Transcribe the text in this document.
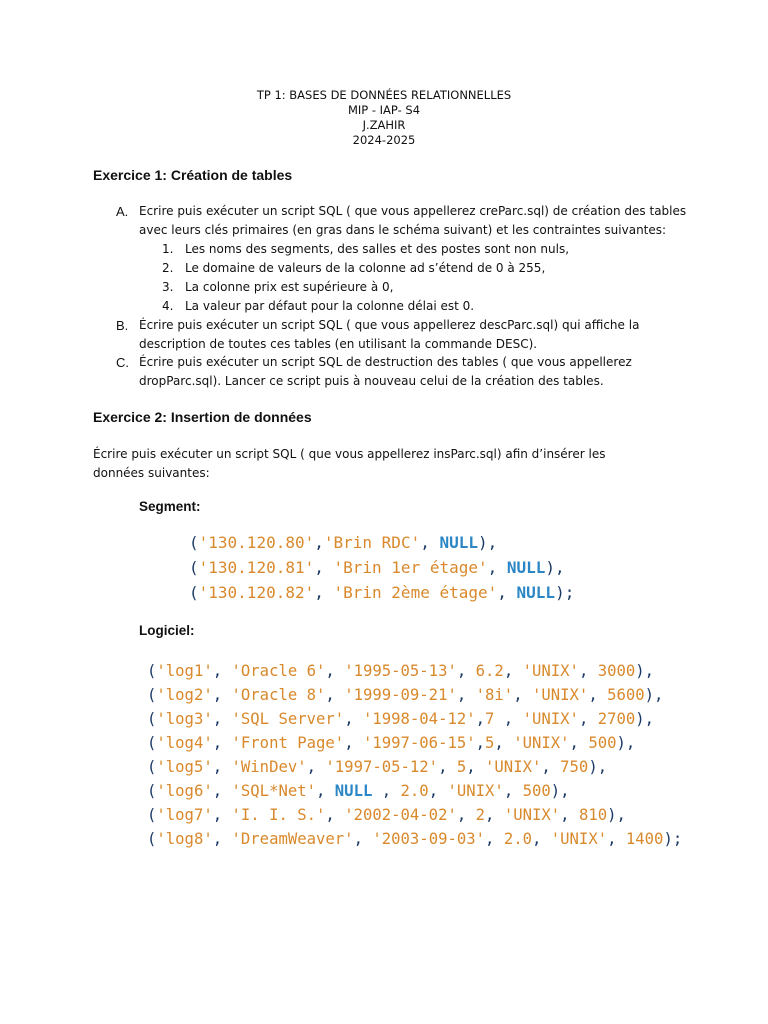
TP 1: BASES DE DONNÉES RELATIONNELLES
MIP - IAP- S4
J.ZAHIR
2024-2025
Exercice 1: Création de tables
A. Ecrire puis exécuter un script SQL ( que vous appellerez creParc.sql) de création des tables avec leurs clés primaires (en gras dans le schéma suivant) et les contraintes suivantes:
1. Les noms des segments, des salles et des postes sont non nuls,
2. Le domaine de valeurs de la colonne ad s’étend de 0 à 255,
3. La colonne prix est supérieure à 0,
4. La valeur par défaut pour la colonne délai est 0.
B. Écrire puis exécuter un script SQL ( que vous appellerez descParc.sql) qui affiche la description de toutes ces tables (en utilisant la commande DESC).
C. Écrire puis exécuter un script SQL de destruction des tables ( que vous appellerez dropParc.sql). Lancer ce script puis à nouveau celui de la création des tables.
Exercice 2: Insertion de données
Écrire puis exécuter un script SQL ( que vous appellerez insParc.sql) afin d’insérer les données suivantes:
Segment:
('130.120.80','Brin RDC', NULL),
('130.120.81', 'Brin 1er étage', NULL),
('130.120.82', 'Brin 2ème étage', NULL);
Logiciel:
('log1', 'Oracle 6', '1995-05-13', 6.2, 'UNIX', 3000),
('log2', 'Oracle 8', '1999-09-21', '8i', 'UNIX', 5600),
('log3', 'SQL Server', '1998-04-12',7 , 'UNIX', 2700),
('log4', 'Front Page', '1997-06-15',5, 'UNIX', 500),
('log5', 'WinDev', '1997-05-12', 5, 'UNIX', 750),
('log6', 'SQL*Net', NULL , 2.0, 'UNIX', 500),
('log7', 'I. I. S.', '2002-04-02', 2, 'UNIX', 810),
('log8', 'DreamWeaver', '2003-09-03', 2.0, 'UNIX', 1400);
